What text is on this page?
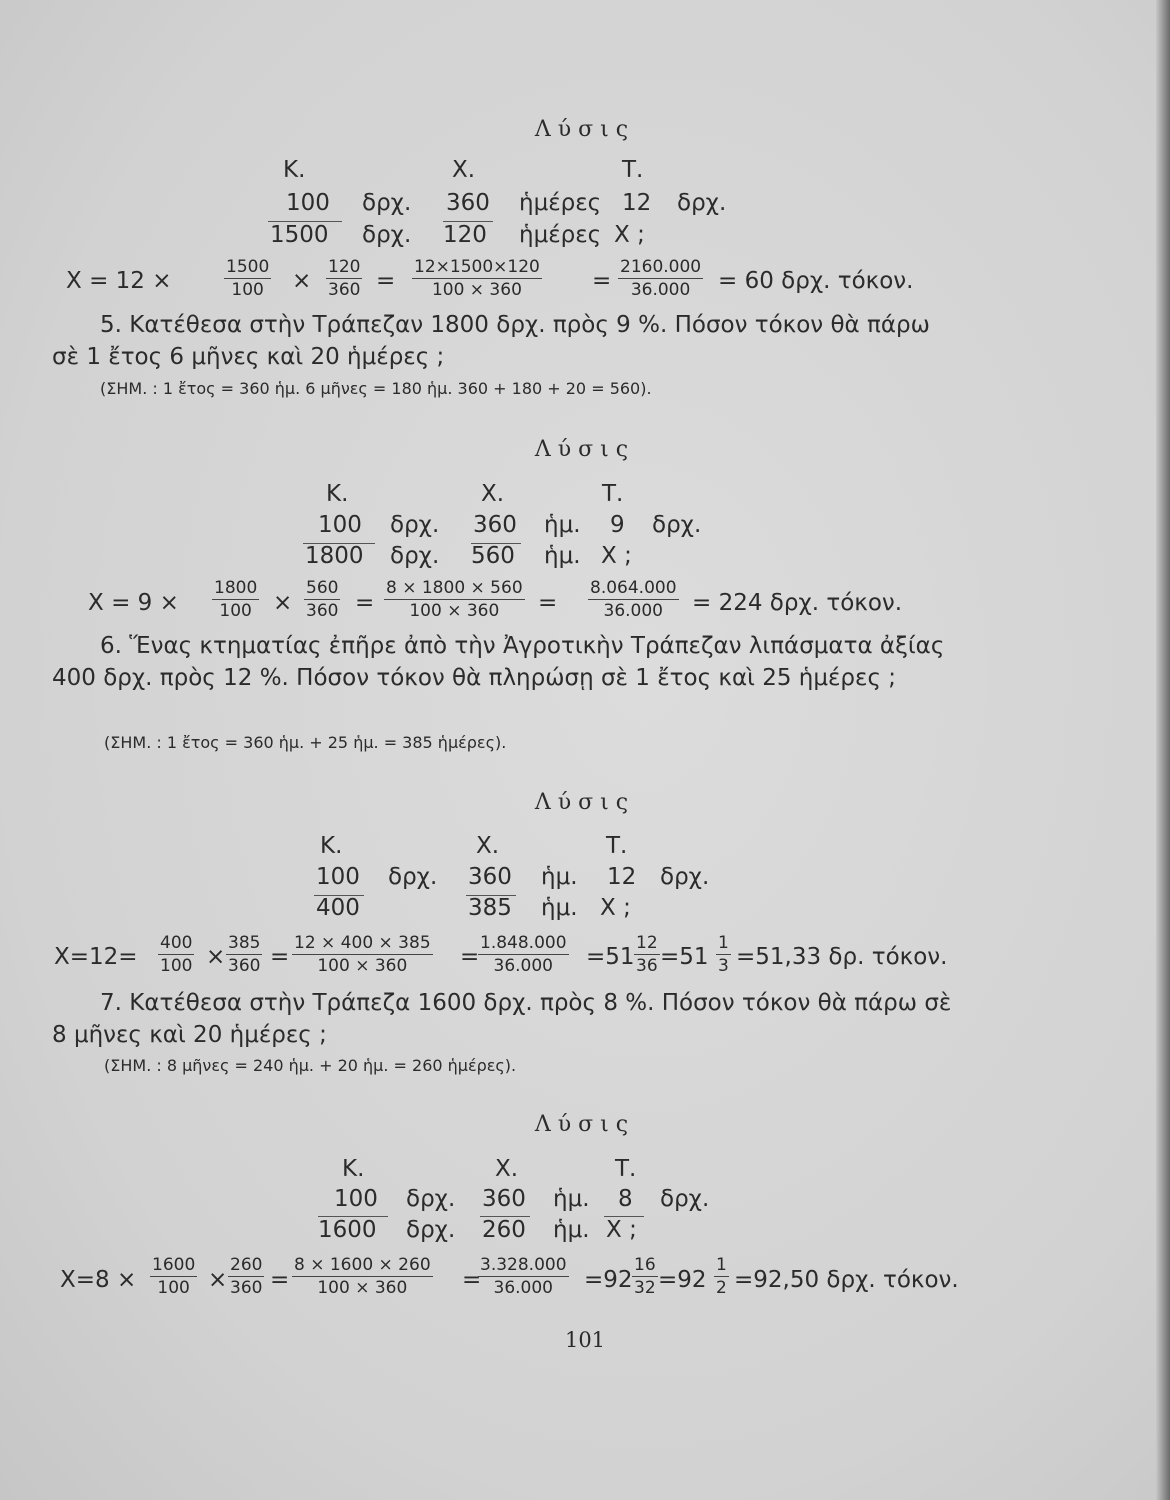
Λύσις
Κ.	Χ.	Τ.
100 δρχ. 360 ἡμέρες 12 δρχ.
1500 δρχ. 120 ἡμέρες Χ ;
Χ = 12 ×	$\frac{1500}{100} \times \frac{120}{360} = \frac{12\times 1500\times 120}{100 \times 360} = \frac{2160.000}{36.000} = 60$ δρχ. τόκον.
5. Κατέθεσα στὴν Τράπεζαν 1800 δρχ. πρὸς 9 %. Πόσον τόκον θὰ πάρω σὲ 1 ἔτος 6 μῆνες καὶ 20 ἡμέρες ;
(ΣΗΜ. : 1 ἔτος = 360 ἡμ. 6 μῆνες = 180 ἡμ. 360 + 180 + 20 = 560).
Λύσις
Κ.	Χ.	Τ.
100 δρχ. 360 ἡμ. 9 δρχ.
1800 δρχ. 560 ἡμ. Χ ;
$X = 9 \times \frac{1800}{100} \times \frac{560}{360} = \frac{8 \times 1800 \times 560}{100 \times 360} = \frac{8.064.000}{36.000} = 224$ δρχ. τόκον.
6. Ἕνας κτηματίας ἐπῆρε ἀπὸ τὴν Ἀγροτικὴν Τράπεζαν λιπάσματα ἀξίας 400 δρχ. πρὸς 12 %. Πόσον τόκον θὰ πληρώσῃ σὲ 1 ἔτος καὶ 25 ἡμέρες ;
(ΣΗΜ. : 1 ἔτος = 360 ἡμ. + 25 ἡμ. = 385 ἡμέρες).
Λύσις
Κ.	Χ.	Τ.
100 δρχ. 360 ἡμ. 12 δρχ.
400	385 ἡμ. Χ ;
$X=12= \frac{400}{100} \times \frac{385}{360} = \frac{12 \times 400 \times 385}{100 \times 360}$ =
$\frac{1.848.000}{36.000} =51 \frac{12}{36} =51 \frac{1}{3} =51,33$ δρ. τόκον.
7. Κατέθεσα στὴν Τράπεζα 1600 δρχ. πρὸς 8 %. Πόσον τόκον θὰ πάρω σὲ 8 μῆνες καὶ 20 ἡμέρες ;
(ΣΗΜ. : 8 μῆνες = 240 ἡμ. + 20 ἡμ. = 260 ἡμέρες).
Λύσις
Κ.	Χ.	Τ.
100 δρχ. 360 ἡμ. 8 δρχ.
1600 δρχ. 260 ἡμ. Χ ;
$X=8 \times \frac{1600}{100} \times \frac{260}{360} = \frac{8 \times 1600 \times 260}{100 \times 360}$ =
$\frac{3.328.000}{36.000} =92 \frac{16}{32} =92 \frac{1}{2} =92,50$ δρχ. τόκον.
101
